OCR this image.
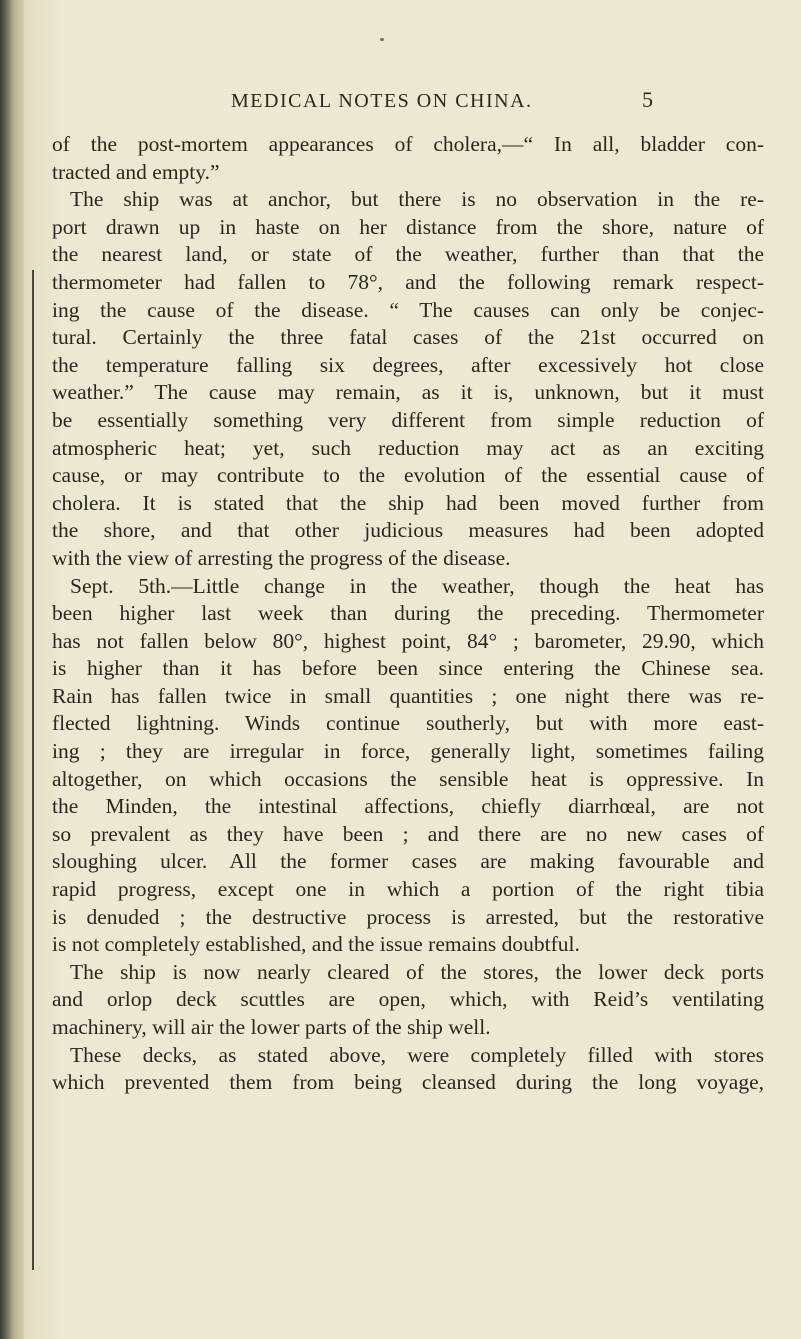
MEDICAL NOTES ON CHINA.	5
of the post-mortem appearances of cholera,—“ In all, bladder con-
tracted and empty.”
The ship was at anchor, but there is no observation in the re-
port drawn up in haste on her distance from the shore, nature of
the nearest land, or state of the weather, further than that the
thermometer had fallen to 78°, and the following remark respect-
ing the cause of the disease. “ The causes can only be conjec-
tural. Certainly the three fatal cases of the 21st occurred on
the temperature falling six degrees, after excessively hot close
weather.” The cause may remain, as it is, unknown, but it must
be essentially something very different from simple reduction of
atmospheric heat; yet, such reduction may act as an exciting
cause, or may contribute to the evolution of the essential cause of
cholera. It is stated that the ship had been moved further from
the shore, and that other judicious measures had been adopted
with the view of arresting the progress of the disease.
Sept. 5th.—Little change in the weather, though the heat has
been higher last week than during the preceding. Thermometer
has not fallen below 80°, highest point, 84° ; barometer, 29.90, which
is higher than it has before been since entering the Chinese sea.
Rain has fallen twice in small quantities ; one night there was re-
flected lightning. Winds continue southerly, but with more east-
ing ; they are irregular in force, generally light, sometimes failing
altogether, on which occasions the sensible heat is oppressive. In
the Minden, the intestinal affections, chiefly diarrhœal, are not
so prevalent as they have been ; and there are no new cases of
sloughing ulcer. All the former cases are making favourable and
rapid progress, except one in which a portion of the right tibia
is denuded ; the destructive process is arrested, but the restorative
is not completely established, and the issue remains doubtful.
The ship is now nearly cleared of the stores, the lower deck ports
and orlop deck scuttles are open, which, with Reid’s ventilating
machinery, will air the lower parts of the ship well.
These decks, as stated above, were completely filled with stores
which prevented them from being cleansed during the long voyage,
